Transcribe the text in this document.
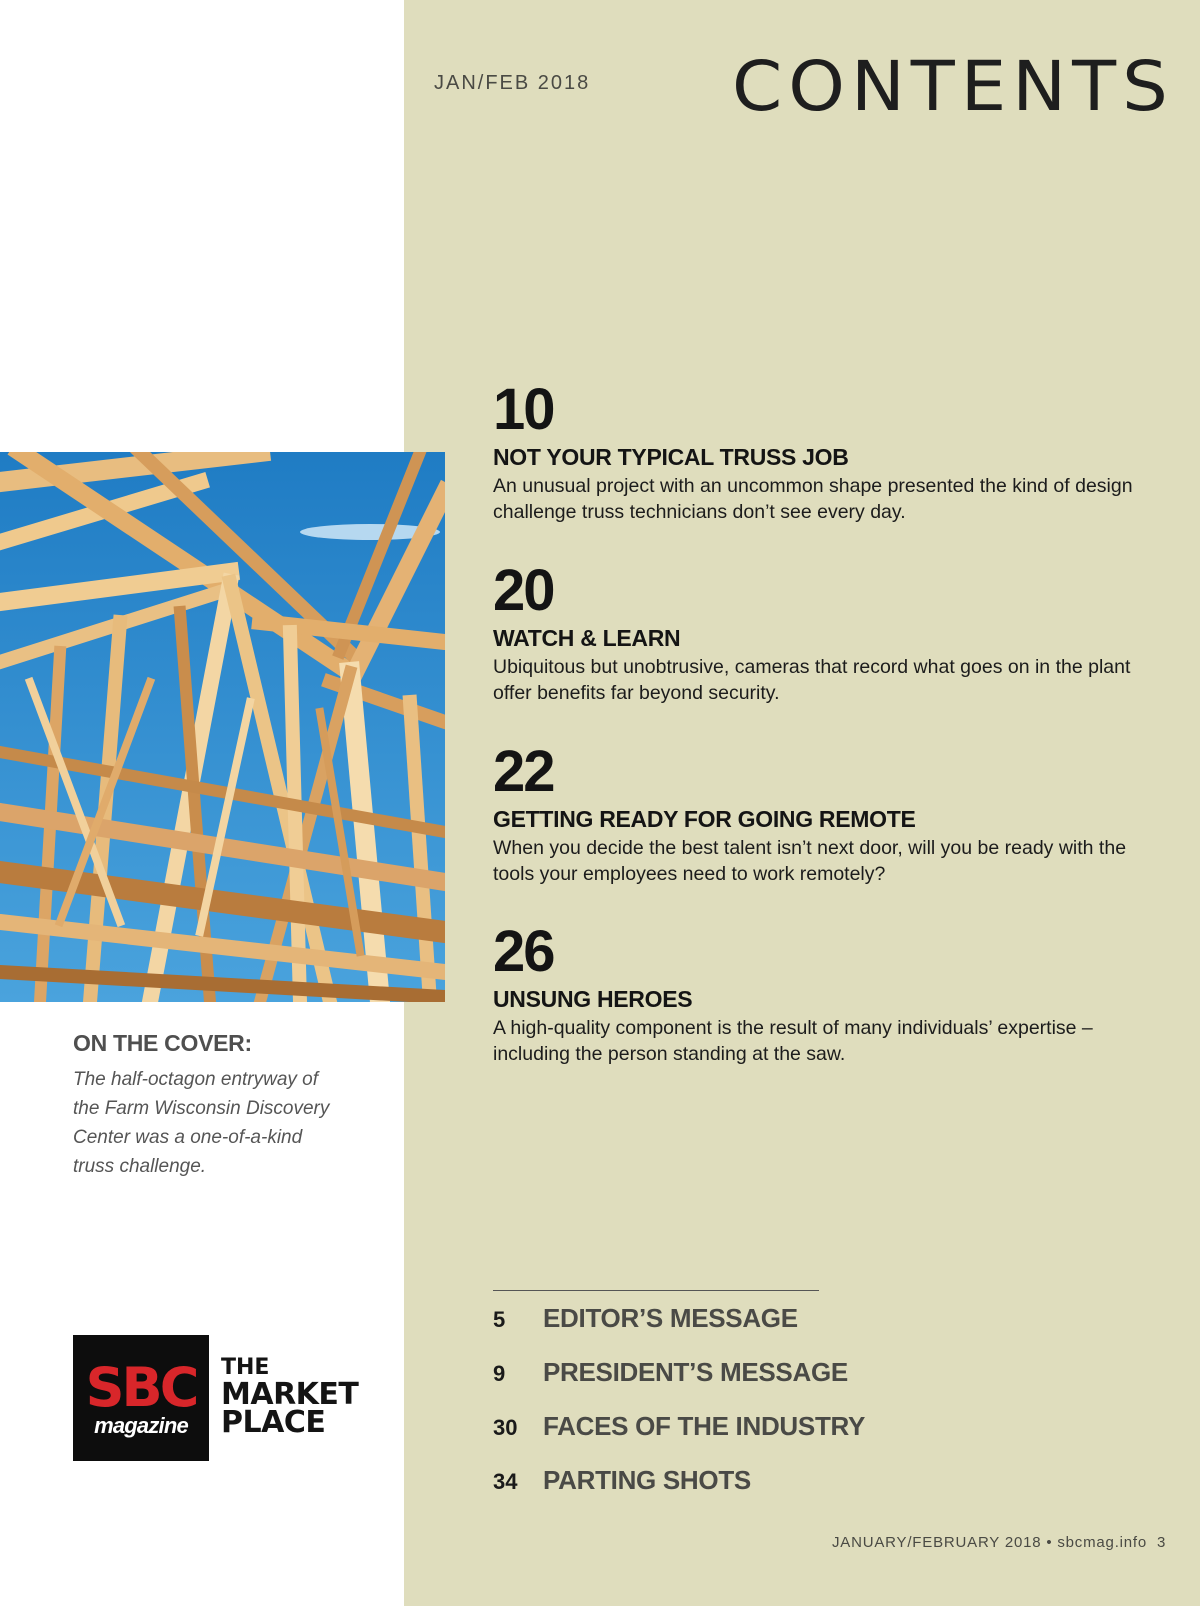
JAN/FEB 2018 CONTENTS
ON THE COVER:
The half-octagon entryway of the Farm Wisconsin Discovery Center was a one-of-a-kind truss challenge.
10
NOT YOUR TYPICAL TRUSS JOB
An unusual project with an uncommon shape presented the kind of design challenge truss technicians don’t see every day.
20
WATCH & LEARN
Ubiquitous but unobtrusive, cameras that record what goes on in the plant offer benefits far beyond security.
22
GETTING READY FOR GOING REMOTE
When you decide the best talent isn’t next door, will you be ready with the tools your employees need to work remotely?
26
UNSUNG HEROES
A high-quality component is the result of many individuals’ expertise – including the person standing at the saw.
5 EDITOR’S MESSAGE
9 PRESIDENT’S MESSAGE
30 FACES OF THE INDUSTRY
34 PARTING SHOTS
SBC
magazine
THE
MARKET
PLACE
JANUARY/FEBRUARY 2018 • sbcmag.info 3
